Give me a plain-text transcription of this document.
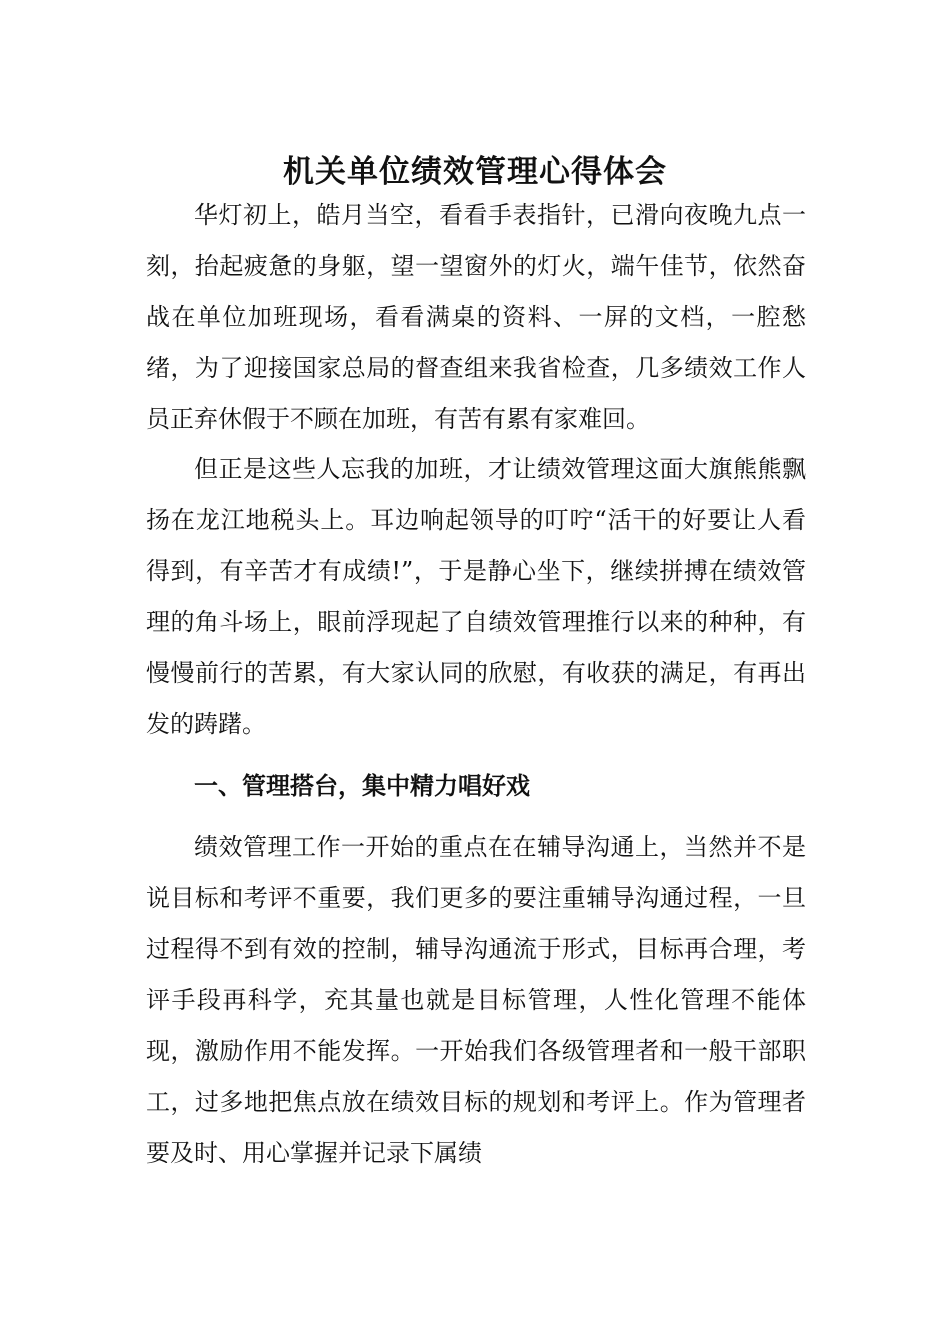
机关单位绩效管理心得体会

华灯初上，皓月当空，看看手表指针，已滑向夜晚九点一刻，抬起疲惫的身躯，望一望窗外的灯火，端午佳节，依然奋战在单位加班现场，看看满桌的资料、一屏的文档，一腔愁绪，为了迎接国家总局的督查组来我省检查，几多绩效工作人员正弃休假于不顾在加班，有苦有累有家难回。

但正是这些人忘我的加班，才让绩效管理这面大旗熊熊飘扬在龙江地税头上。耳边响起领导的叮咛“活干的好要让人看得到，有辛苦才有成绩!”，于是静心坐下，继续拼搏在绩效管理的角斗场上，眼前浮现起了自绩效管理推行以来的种种，有慢慢前行的苦累，有大家认同的欣慰，有收获的满足，有再出发的踌躇。

一、管理搭台，集中精力唱好戏

绩效管理工作一开始的重点在在辅导沟通上，当然并不是说目标和考评不重要，我们更多的要注重辅导沟通过程，一旦过程得不到有效的控制，辅导沟通流于形式，目标再合理，考评手段再科学，充其量也就是目标管理，人性化管理不能体现，激励作用不能发挥。一开始我们各级管理者和一般干部职工，过多地把焦点放在绩效目标的规划和考评上。作为管理者要及时、用心掌握并记录下属绩
